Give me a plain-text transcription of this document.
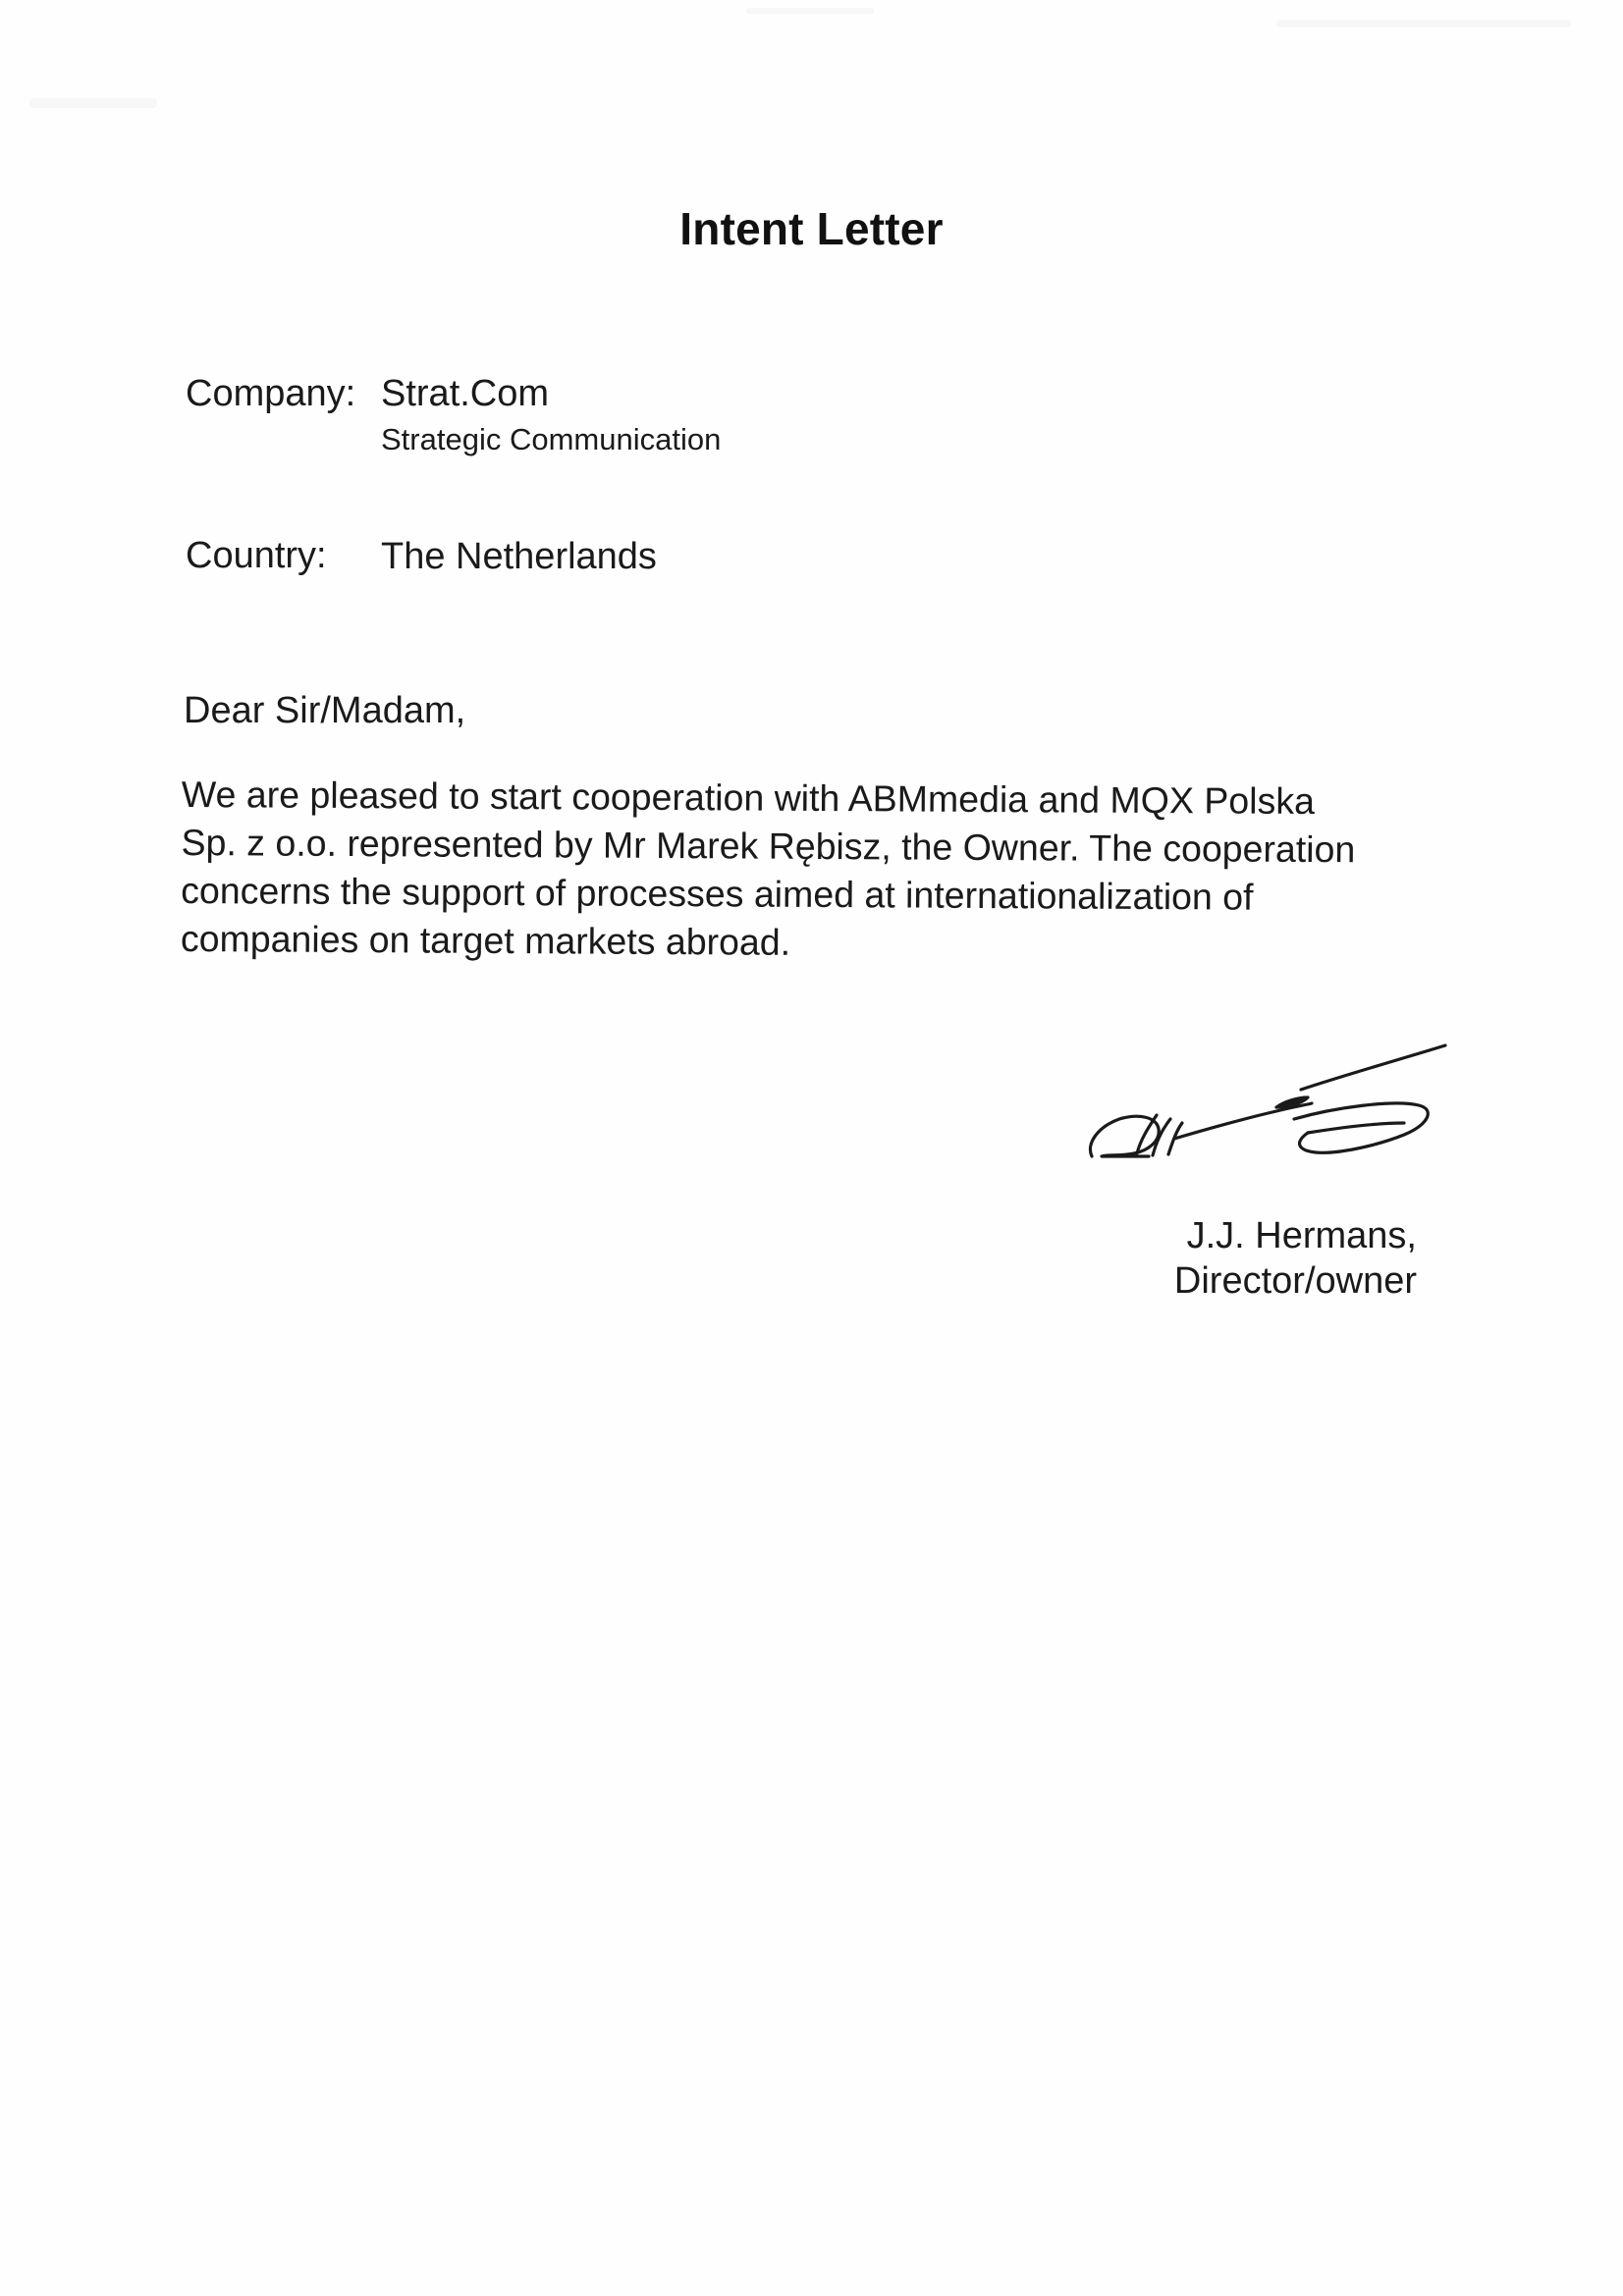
Intent Letter
Company: Strat.Com
Strategic Communication
Country: The Netherlands
Dear Sir/Madam,
We are pleased to start cooperation with ABMmedia and MQX Polska
Sp. z o.o. represented by Mr Marek Rębisz, the Owner. The cooperation
concerns the support of processes aimed at internationalization of
companies on target markets abroad.
J.J. Hermans,
Director/owner
